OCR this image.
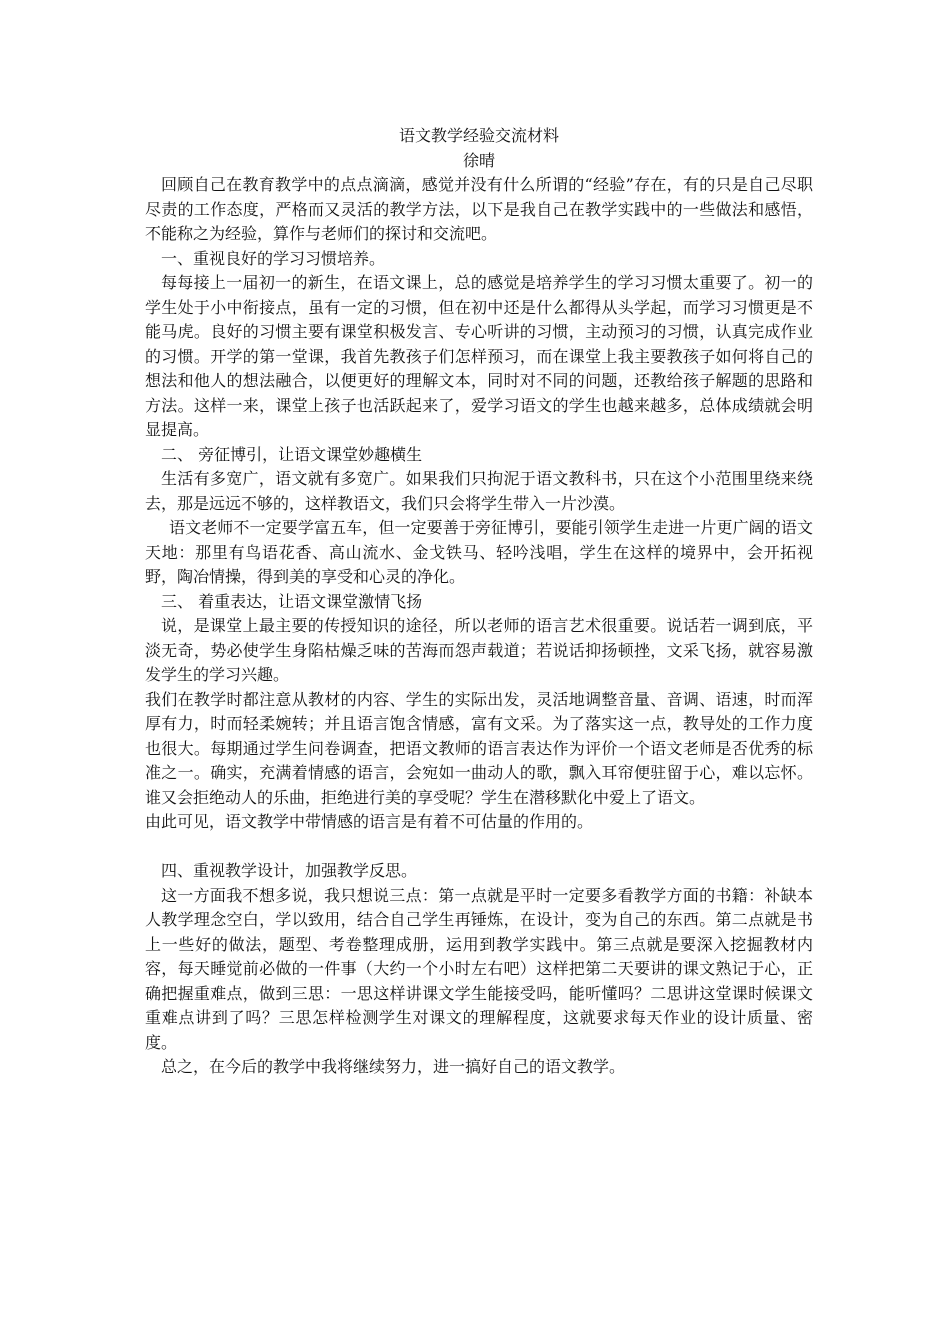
语文教学经验交流材料

徐晴

回顾自己在教育教学中的点点滴滴，感觉并没有什么所谓的“经验”存在，有的只是自己尽职尽责的工作态度，严格而又灵活的教学方法，以下是我自己在教学实践中的一些做法和感悟，不能称之为经验，算作与老师们的探讨和交流吧。

一、重视良好的学习习惯培养。

每每接上一届初一的新生，在语文课上，总的感觉是培养学生的学习习惯太重要了。初一的学生处于小中衔接点，虽有一定的习惯，但在初中还是什么都得从头学起，而学习习惯更是不能马虎。良好的习惯主要有课堂积极发言、专心听讲的习惯，主动预习的习惯，认真完成作业的习惯。开学的第一堂课，我首先教孩子们怎样预习，而在课堂上我主要教孩子如何将自己的想法和他人的想法融合，以便更好的理解文本，同时对不同的问题，还教给孩子解题的思路和方法。这样一来，课堂上孩子也活跃起来了，爱学习语文的学生也越来越多，总体成绩就会明显提高。

二、 旁征博引，让语文课堂妙趣横生

生活有多宽广，语文就有多宽广。如果我们只拘泥于语文教科书，只在这个小范围里绕来绕去，那是远远不够的，这样教语文，我们只会将学生带入一片沙漠。

语文老师不一定要学富五车，但一定要善于旁征博引，要能引领学生走进一片更广阔的语文天地：那里有鸟语花香、高山流水、金戈铁马、轻吟浅唱，学生在这样的境界中，会开拓视野，陶冶情操，得到美的享受和心灵的净化。

三、 着重表达，让语文课堂激情飞扬

说，是课堂上最主要的传授知识的途径，所以老师的语言艺术很重要。说话若一调到底，平淡无奇，势必使学生身陷枯燥乏味的苦海而怨声载道；若说话抑扬顿挫，文采飞扬，就容易激发学生的学习兴趣。

我们在教学时都注意从教材的内容、学生的实际出发，灵活地调整音量、音调、语速，时而浑厚有力，时而轻柔婉转；并且语言饱含情感，富有文采。为了落实这一点，教导处的工作力度也很大。每期通过学生问卷调查，把语文教师的语言表达作为评价一个语文老师是否优秀的标准之一。确实，充满着情感的语言，会宛如一曲动人的歌，飘入耳帘便驻留于心，难以忘怀。谁又会拒绝动人的乐曲，拒绝进行美的享受呢？学生在潜移默化中爱上了语文。

由此可见，语文教学中带情感的语言是有着不可估量的作用的。

四、重视教学设计，加强教学反思。

这一方面我不想多说，我只想说三点：第一点就是平时一定要多看教学方面的书籍：补缺本人教学理念空白，学以致用，结合自己学生再锤炼，在设计，变为自己的东西。第二点就是书上一些好的做法，题型、考卷整理成册，运用到教学实践中。第三点就是要深入挖掘教材内容，每天睡觉前必做的一件事（大约一个小时左右吧）这样把第二天要讲的课文熟记于心，正确把握重难点，做到三思：一思这样讲课文学生能接受吗，能听懂吗？二思讲这堂课时候课文重难点讲到了吗？三思怎样检测学生对课文的理解程度，这就要求每天作业的设计质量、密度。

总之，在今后的教学中我将继续努力，进一搞好自己的语文教学。
